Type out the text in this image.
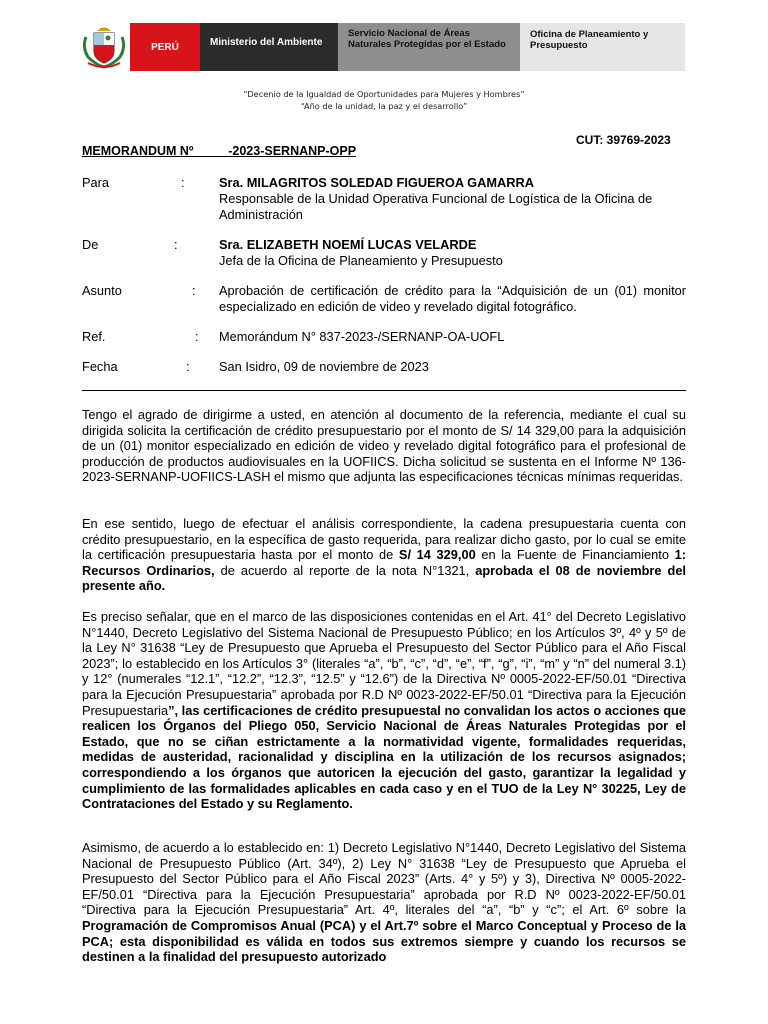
PERÚ	Ministerio del Ambiente
Servicio Nacional de Áreas Naturales Protegidas por el Estado
Oficina de Planeamiento y Presupuesto
“Decenio de la Igualdad de Oportunidades para Mujeres y Hombres”
“Año de la unidad, la paz y el desarrollo”
CUT: 39769-2023
MEMORANDUM Nº          -2023-SERNANP-OPP
Para	:	Sra. MILAGRITOS SOLEDAD FIGUEROA GAMARRA
Responsable de la Unidad Operativa Funcional de Logística de la Oficina de Administración
De	:	Sra. ELIZABETH NOEMÍ LUCAS VELARDE
Jefa de la Oficina de Planeamiento y Presupuesto
Asunto	: Aprobación de certificación de crédito para la “Adquisición de un (01) monitor especializado en edición de video y revelado digital fotográfico.
Ref.	: Memorándum N° 837-2023-/SERNANP-OA-UOFL
Fecha	: San Isidro, 09 de noviembre de 2023

Tengo el agrado de dirigirme a usted, en atención al documento de la referencia, mediante el cual su dirigida solicita la certificación de crédito presupuestario por el monto de S/ 14 329,00 para la adquisición de un (01) monitor especializado en edición de video y revelado digital fotográfico para el profesional de producción de productos audiovisuales en la UOFIICS. Dicha solicitud se sustenta en el Informe Nº 136- 2023-SERNANP-UOFIICS-LASH el mismo que adjunta las especificaciones técnicas mínimas requeridas.

En ese sentido, luego de efectuar el análisis correspondiente, la cadena presupuestaria cuenta con crédito presupuestario, en la específica de gasto requerida, para realizar dicho gasto, por lo cual se emite la certificación presupuestaria hasta por el monto de S/ 14 329,00 en la Fuente de Financiamiento 1: Recursos Ordinarios, de acuerdo al reporte de la nota N°1321, aprobada el 08 de noviembre del presente año.

Es preciso señalar, que en el marco de las disposiciones contenidas en el Art. 41° del Decreto Legislativo N°1440, Decreto Legislativo del Sistema Nacional de Presupuesto Público; en los Artículos 3º, 4º y 5º de la Ley N° 31638 “Ley de Presupuesto que Aprueba el Presupuesto del Sector Público para el Año Fiscal 2023”; lo establecido en los Artículos 3° (literales “a”, “b”, “c”, “d”, “e”, “f”, “g”, “i”, “m” y “n” del numeral 3.1) y 12° (numerales “12.1”, “12.2”, “12.3”, “12.5” y “12.6”) de la Directiva Nº 0005-2022-EF/50.01 “Directiva para la Ejecución Presupuestaria” aprobada por R.D Nº 0023-2022-EF/50.01 “Directiva para la Ejecución Presupuestaria”, las certificaciones de crédito presupuestal no convalidan los actos o acciones que realicen los Órganos del Pliego 050, Servicio Nacional de Áreas Naturales Protegidas por el Estado, que no se ciñan estrictamente a la normatividad vigente, formalidades requeridas, medidas de austeridad, racionalidad y disciplina en la utilización de los recursos asignados; correspondiendo a los órganos que autoricen la ejecución del gasto, garantizar la legalidad y cumplimiento de las formalidades aplicables en cada caso y en el TUO de la Ley N° 30225, Ley de Contrataciones del Estado y su Reglamento.

Asimismo, de acuerdo a lo establecido en: 1) Decreto Legislativo N°1440, Decreto Legislativo del Sistema Nacional de Presupuesto Público (Art. 34º), 2) Ley N° 31638 “Ley de Presupuesto que Aprueba el Presupuesto del Sector Público para el Año Fiscal 2023” (Arts. 4° y 5º) y 3), Directiva Nº 0005-2022-EF/50.01 “Directiva para la Ejecución Presupuestaria” aprobada por R.D Nº 0023-2022-EF/50.01 “Directiva para la Ejecución Presupuestaria” Art. 4º, literales del “a”, “b” y “c”; el Art. 6º sobre la Programación de Compromisos Anual (PCA) y el Art.7º sobre el Marco Conceptual y Proceso de la PCA; esta disponibilidad es válida en todos sus extremos siempre y cuando los recursos se destinen a la finalidad del presupuesto autorizado
